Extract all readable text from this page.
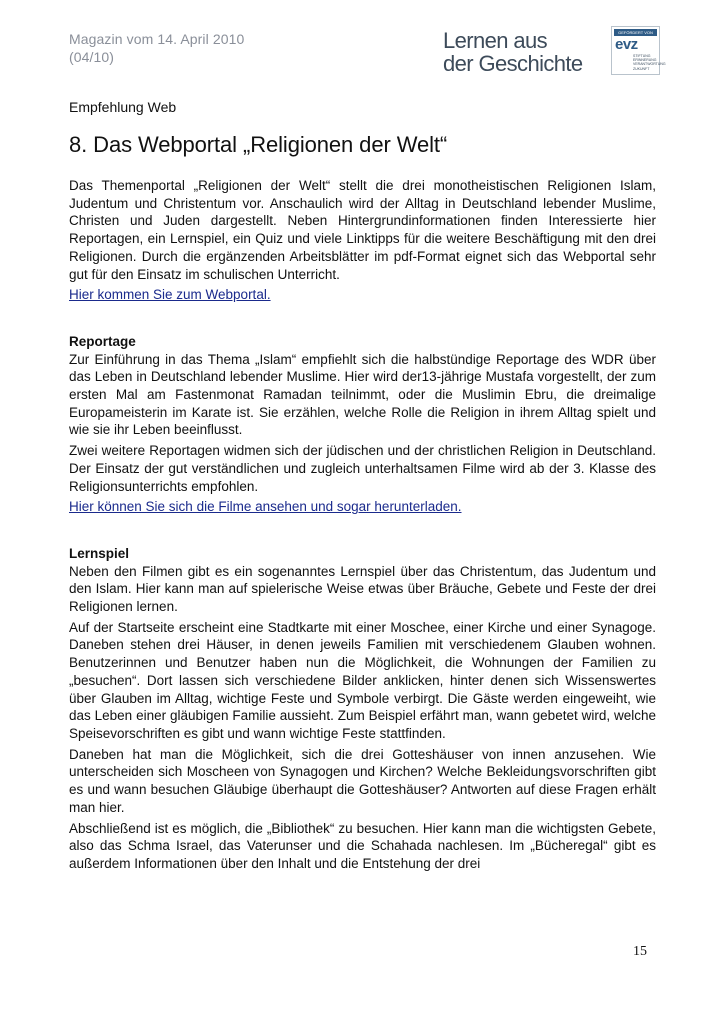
Magazin vom 14. April 2010
(04/10)
Lernen aus
der Geschichte
GEFÖRDERT VON
evz
STIFTUNG ERINNERUNG VERANTWORTUNG ZUKUNFT
Empfehlung Web
8. Das Webportal „Religionen der Welt“

Das Themenportal „Religionen der Welt“ stellt die drei monotheistischen Religionen Islam, Judentum und Christentum vor. Anschaulich wird der Alltag in Deutschland lebender Muslime, Christen und Juden dargestellt. Neben Hintergrundinformationen finden Interessierte hier Reportagen, ein Lernspiel, ein Quiz und viele Linktipps für die weitere Beschäftigung mit den drei Religionen. Durch die ergänzenden Arbeitsblätter im pdf-Format eignet sich das Webportal sehr gut für den Einsatz im schulischen Unterricht.

Hier kommen Sie zum Webportal.

Reportage

Zur Einführung in das Thema „Islam“ empfiehlt sich die halbstündige Reportage des WDR über das Leben in Deutschland lebender Muslime. Hier wird der13-jährige Mustafa vorgestellt, der zum ersten Mal am Fastenmonat Ramadan teilnimmt, oder die Muslimin Ebru, die dreimalige Europameisterin im Karate ist. Sie erzählen, welche Rolle die Religion in ihrem Alltag spielt und wie sie ihr Leben beeinflusst.

Zwei weitere Reportagen widmen sich der jüdischen und der christlichen Religion in Deutschland. Der Einsatz der gut verständlichen und zugleich unterhaltsamen Filme wird ab der 3. Klasse des Religionsunterrichts empfohlen.

Hier können Sie sich die Filme ansehen und sogar herunterladen.

Lernspiel

Neben den Filmen gibt es ein sogenanntes Lernspiel über das Christentum, das Judentum und den Islam. Hier kann man auf spielerische Weise etwas über Bräuche, Gebete und Feste der drei Religionen lernen.

Auf der Startseite erscheint eine Stadtkarte mit einer Moschee, einer Kirche und einer Synagoge. Daneben stehen drei Häuser, in denen jeweils Familien mit verschiedenem Glauben wohnen. Benutzerinnen und Benutzer haben nun die Möglichkeit, die Wohnungen der Familien zu „besuchen“. Dort lassen sich verschiedene Bilder anklicken, hinter denen sich Wissenswertes über Glauben im Alltag, wichtige Feste und Symbole verbirgt. Die Gäste werden eingeweiht, wie das Leben einer gläubigen Familie aussieht. Zum Beispiel erfährt man, wann gebetet wird, welche Speisevorschriften es gibt und wann wichtige Feste stattfinden.

Daneben hat man die Möglichkeit, sich die drei Gotteshäuser von innen anzusehen. Wie unterscheiden sich Moscheen von Synagogen und Kirchen? Welche Bekleidungsvorschriften gibt es und wann besuchen Gläubige überhaupt die Gotteshäuser? Antworten auf diese Fragen erhält man hier.

Abschließend ist es möglich, die „Bibliothek“ zu besuchen. Hier kann man die wichtigsten Gebete, also das Schma Israel, das Vaterunser und die Schahada nachlesen. Im „Bücheregal“ gibt es außerdem Informationen über den Inhalt und die Entstehung der drei

15
